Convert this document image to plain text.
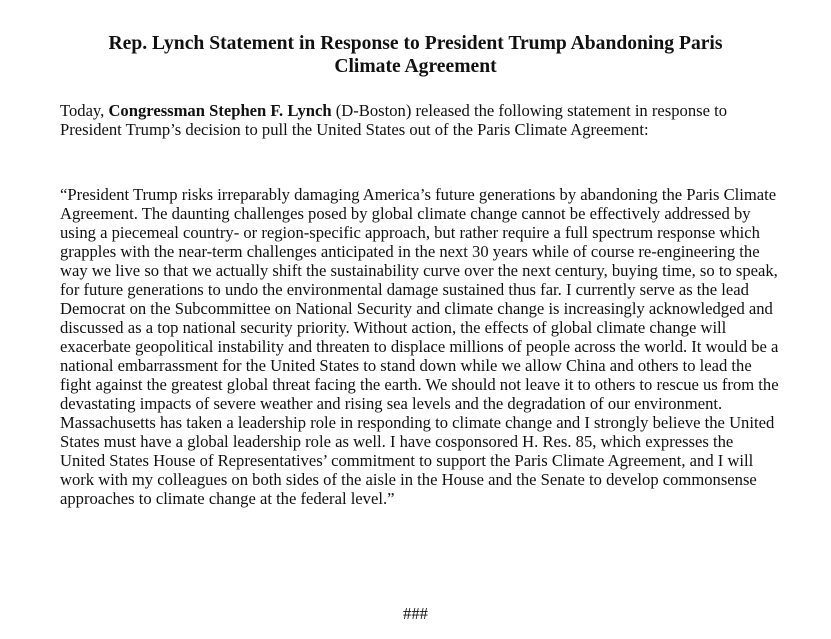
Rep. Lynch Statement in Response to President Trump Abandoning Paris
Climate Agreement

Today, Congressman Stephen F. Lynch (D-Boston) released the following statement in response to President Trump’s decision to pull the United States out of the Paris Climate Agreement:

“President Trump risks irreparably damaging America’s future generations by abandoning the Paris Climate Agreement. The daunting challenges posed by global climate change cannot be effectively addressed by using a piecemeal country- or region-specific approach, but rather require a full spectrum response which grapples with the near-term challenges anticipated in the next 30 years while of course re-engineering the way we live so that we actually shift the sustainability curve over the next century, buying time, so to speak, for future generations to undo the environmental damage sustained thus far. I currently serve as the lead Democrat on the Subcommittee on National Security and climate change is increasingly acknowledged and discussed as a top national security priority. Without action, the effects of global climate change will exacerbate geopolitical instability and threaten to displace millions of people across the world. It would be a national embarrassment for the United States to stand down while we allow China and others to lead the fight against the greatest global threat facing the earth. We should not leave it to others to rescue us from the devastating impacts of severe weather and rising sea levels and the degradation of our environment. Massachusetts has taken a leadership role in responding to climate change and I strongly believe the United States must have a global leadership role as well. I have cosponsored H. Res. 85, which expresses the United States House of Representatives’ commitment to support the Paris Climate Agreement, and I will work with my colleagues on both sides of the aisle in the House and the Senate to develop commonsense approaches to climate change at the federal level.”

###
